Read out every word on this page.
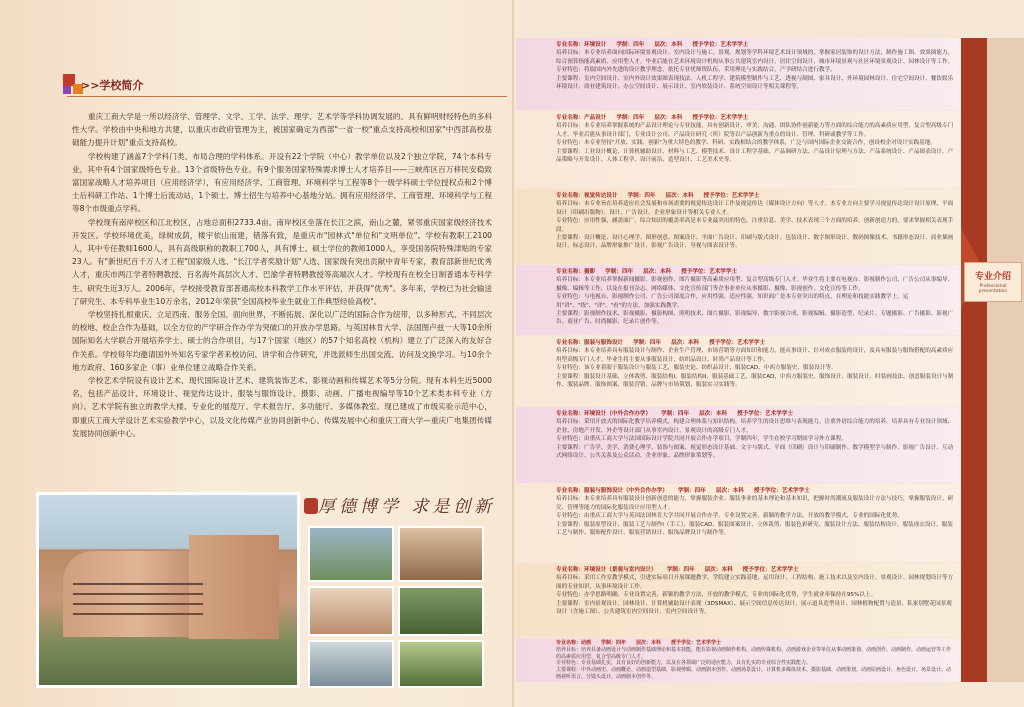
>>学校简介

重庆工商大学是一所以经济学、管理学、文学、工学、法学、理学、艺术学等学科协调发展的、具有鲜明财经特色的多科性大学。学校由中央和地方共建，以重庆市政府管理为主，被国家确定为西部"一省一校"重点支持高校和国家"中西部高校基础能力提升计划"重点支持高校。

学校构建了涵盖7个学科门类、布局合理的学科体系。开设有22个学院（中心）教学单位以及2个独立学院，74个本科专业，其中有4个国家级特色专业、13个省级特色专业。有9个服务国家特殊需求博士人才培养目——三峡库区百万移民安稳致富国家战略人才培养项目（应用经济学），有应用经济学、工商管理、环境科学与工程等8个一级学科硕士学位授权点和2个博士后科研工作站、1个博士后流动站，1个硕士、博士招生与培养中心基地分站。拥有应用经济学、工商管理、环境科学与工程等8个市级重点学科。

学校现有南岸校区和江北校区，占地总面积2733.4亩。南岸校区坐落在长江之滨，南山之麓，紧邻重庆国家级经济技术开发区。学校环境优美，绿树成荫，楼宇依山而建，错落有致，是重庆市"园林式"单位和"文明单位"。学校有教职工2100人，其中专任教师1600人，具有高级职称的教职工700人，具有博士、硕士学位的教师1000人，享受国务院特殊津贴的专家23人。有"新世纪百千万人才工程"国家级人选、"长江学者奖励计划"人选、国家级有突出贡献中青年专家，教育部新世纪优秀人才，重庆市两江学者特聘教授、百名海外高层次人才、巴渝学者特聘教授等高端次人才。学校现有在校全日制普通本专科学生、研究生近3万人。2006年，学校接受教育部普通高校本科教学工作水平评估，并获得"优秀"。多年来，学校已为社会输送了研究生、本专科毕业生10万余名，2012年荣获"全国高校毕业生就业工作典型经验高校"。

学校坚持扎根重庆、立足西南、服务全国、面向世界，不断拓展、深化以广泛的国际合作为纽带，以多种形式、不同层次的校地、校企合作为基础，以全方位的产学研合作办学为突破口的开放办学思路。与英国林肯大学、法国图卢兹一大等10余所国际知名大学联合开展培养学士、硕士的合作项目，与17个国家（地区）的57个知名高校（机构）建立了广泛深入的友好合作关系。学校每年均邀请国外外知名专家学者来校访问、讲学和合作研究，并选派师生出国交流、访问及交换学习。与10余个地方政府、160多家企（事）业单位建立战略合作关系。

学校艺术学院设有设计艺术、现代国际设计艺术、建筑装饰艺术、影视动画和传媒艺术等5分分院。现有本科生近5000名，包括产品设计、环境设计、视觉传达设计、服装与服饰设计、摄影、动画、广播电视编导等10个艺术类本科专业（方向）。艺术学院有独立的教学大楼、专业化的展览厅、学术报告厅、多功能厅、多媒体教室。现已建成了市级实验示范中心，即重庆工商大学设计艺术实验教学中心，以及文化传媒产业协同创新中心、传媒发展中心和重庆工商大学—重庆广电集团传媒发展协同创新中心。

厚德博学 求是创新
专业名称：环境设计 学制：四年 层次：本科 授予学位：艺术学学士
培养目标：本专业培养面向国际环境景观设计、室内设计与施工、景观、规划等学科环境艺术设计领域的，掌握家居装饰的设计方法，制作施工图、效果图能力，综合预算指能高素质、应用型人才。毕业后能在艺术环境设计机构从事公共建筑室内设计、居住空间设计、城市环境景观与社区环境景观设计、园林设计等工作。
专业特色：将取国内外先进的设计教学理念，依托专业优师资队伍，采用理论与实践结合，产学研结合进行教学。
主要课程：室内空间设计、室内外设计效果图表现技法、人机工程学、建筑模型制作与工艺、透视与制图、家具设计、外环境园林设计、住宅空间设计、餐饮娱乐环境设计、商业建筑设计、办公空间设计、展示设计、室内软装设计、系统空间设计等相关课程等。
专业名称：产品设计 学制：四年 层次：本科 授予学位：艺术学学士
培养目标：本专业培养掌握系统的产品设计理论与专业技能，具有创新设计、审美、沟通、团队协作创新能力等方面的综合能力的高素质应用型、复合型高级专门人才。毕业后能从事设计部门，专业设计公司、产品设计研究（所）院等以产品创新为重点的设计、管理、科研或教学等工作。
专业特色：本专业坚持"开放、实践、创新"为重大特色的教学、科研、实践相结合的教学体系，广泛与国内国际企业交流合作，创设校企对设计实践基地。
主要课程：工业设计概论、计算机辅助设计、材料与工艺、模型技术、设计工程学基础、产品调研方法、产品设计原理与方法、产品系统设计、产品图表设计、产品策略与开发设计、人体工程学、设计前沿、造型设计、工艺美术史等。
专业名称：视觉传达设计 学制：四年 层次：本科 授予学位：艺术学学士
培养目标：本专业旨在培养适应社会发展和市场需要的视觉传达设计工作及视觉传达（媒体设计方向）等人才。本专业方向主要学习视觉传达设计设计原理、平面设计（印刷出版物）、设计、广告设计、企业形象设计等相关专业人才。
专业特色：应用性强，涵盖面广，综合知识的覆盖率高是本专业最突出的特色。注重信息、美学、技术表现三个方面的培养，创新创造力的，要求掌握相关表现手段。
主要课程：设计概论、设计心理学、图形创意、图案设计、平面广告设计、印刷与版式设计、包装设计、数字图形设计、数码图像技术、书籍形态设计、商业插画设计、标志设计、品牌形象推广设计、影视广告设计、导视与图表设计等。
专业名称：摄影 学制：四年 层次：本科 授予学位：艺术学学士
培养目标：本专业培养掌握新闻摄影、影视创作、图片摄影等高素质应用型、复合型高级专门人才。毕业生将主要在电视台、影视制作公司、广告公司从事编导、摄像、编辑等工作，以及在报刊杂志、网络媒体、文化宣传部门等企事业单位从事摄影、摄像、影视创作、文化宣传等工作。
专业特色：与电视台、影视制作公司、广告公司深度合作，应用性强，适应性强。知识面广是本专业突出的特点，在理论和技能实践教学上，运用"讲"、"练"、"评"、"看"的方法，加强实践教学。
主要课程：影视制作技术、影视摄影、摄影构图、照明技术、图片摄影、影视编导、数字影视合成、影视编辑、摄影造型、纪录片、专题摄影、广告摄影、影视广告、商业广告、时尚摄影、纪录片创作等。
专业名称：服装与服饰设计 学制：四年 层次：本科 授予学位：艺术学学士
培养目标：本专业培养具有服装设计与制作、企业生产管理、市场营销等方面知识和能力，能从事设计、针对成衣服装的设计，及具有服装与服饰搭配的高素质应用型高级专门人才。毕业生将主要从事服装设计、纺织品设计、时尚产品设计等工作。
专业特色：该专业着眼于服装设计与服装工艺，服装史论、纺织品设计、服装CAD、中西方服装史、服装设计等。
主要课程：服装设计基础、立体裁剪、服装结构I、服装结构II、服装基础工艺、服装CAD、中西方服装史、服饰设计、服装设计、时装画技法、创意服装设计与制作、服装品牌、服饰图案、服装营销、品牌与市场策划、服装实习实践等。
专业名称：环境设计（中外合作办学） 学制：四年 层次：本科 授予学位：艺术学学士
培养目标：采用开放式的国际化教学培养模式，构建合理体系与知识结构，培养学生的设计思维与表现能力。注重外语综合能力的培养，培养具有专业设计领域、企业、房地产开发、外企等设计部门从事室内设计、景观设计的高级专门人才。
专业特色：由重庆工商大学与法国国际设计学院共同开展合作办学项目，学制四年，学生在校学习期间学习外方课程。
主要课程：广告学、美学、消费心理学、装饰与图案、视觉形态设计基础、文字与版式、平面（印刷）设计与印刷制作、数学模型学与制作、影视广告设计、互动式网络设计、公共关系及公众活动、企业形象、品牌形象策划等。
专业名称：服装与服饰设计（中外合作办学） 学制：四年 层次：本科 授予学位：艺术学学士
培养目标：本专业培养具有服装设计创新创意的能力，掌握服装企业、服装事业的基本理论和基本知识，把握时尚潮流及服装设计方法与技巧，掌握服装设计、研究、管理等能力的国际化服装设计应用型人才。
专业特色：由重庆工商大学与英国法国林肯大学共同开展合作办学。专业设置完善，新颖的教学方法，开放的教学模式，专业的国际化优势。
主要课程：服装原型设计、服装工艺与制作I（手工）、服装CAD、服装图案设计、立体裁剪、服装色彩研究、服装设计方法、服装结构设计、服装成衣设计、服装工艺与制作、服饰配件设计、服装营销设计、服饰品牌设计与制作等。
专业名称：环境设计（景观与室内设计） 学制：四年 层次：本科 授予学位：艺术学学士
培养目标：采用工作室教学模式，引进实际项目开展课题教学，学院建立实践基地，运用设计、工程结构、施工技术以及室内设计、景观设计、园林规划设计等方面的专业知识，从事环境设计工作。
专业特色：办学思路明确、专业设置完善，新颖的教学方法，开放的教学模式，专业的国际化优势，学生就业率保持在95%以上。
主要课程：室内景观设计、园林设计、计算机辅助设计表现（3DSMAX）、展示空间信息传达设计、展示道具造型设计、园林植物配置与造景、私家别墅花园景观设计（含施工图）、公共建筑室内空间设计、室内空间设计等。
专业名称：动画 学制：四年 层次：本科 授予学位：艺术学学士
培养目标：培养具备动画设计与动画制作基础理论和基本技能，能在影视动画制作机构、动画传媒机构、动画游戏企业等单位从事动画策划、动画创作、动画制作、动画运营等工作的高素质应用型、复合型高级专门人才。
专业特色：专业基础扎实，具有良好的创新能力，以及在各领域广泛的适应能力，具有扎实的专业综合性实践能力。
主要课程：中外动画史、动画概论、动画造型基础、影视剪辑、动画剧本创作、动画场景设计、计算机多媒体技术、摄影基础、动画策划、动画原画设计、角色设计、场景设计、动画视听语言、分镜头设计、动画剧本创作等。
专业介绍
Professional presentation
